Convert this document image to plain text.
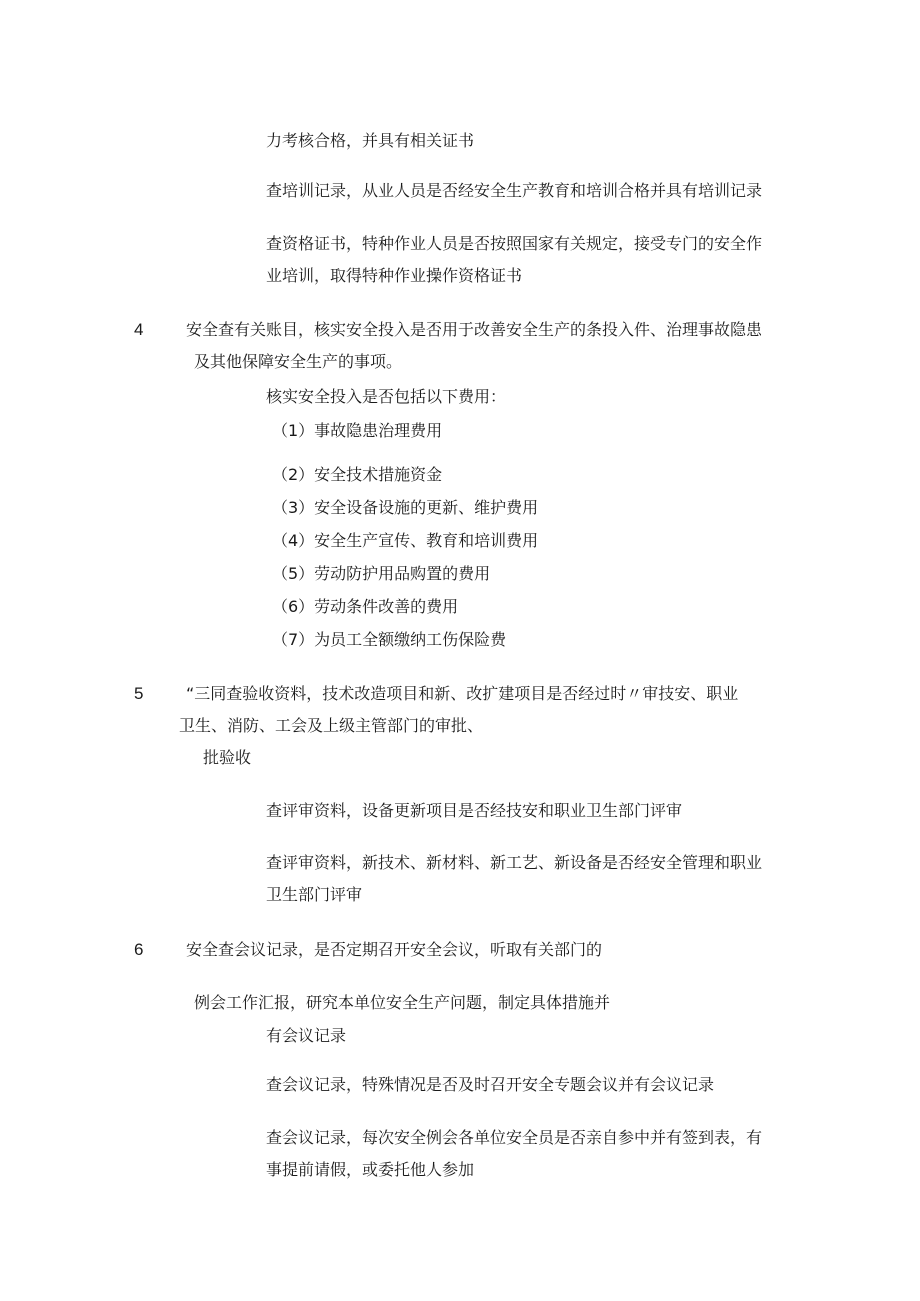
力考核合格，并具有相关证书
查培训记录，从业人员是否经安全生产教育和培训合格并具有培训记录
查资格证书，特种作业人员是否按照国家有关规定，接受专门的安全作
业培训，取得特种作业操作资格证书
4	安全查有关账目，核实安全投入是否用于改善安全生产的条投入件、治理事故隐患
及其他保障安全生产的事项。
核实安全投入是否包括以下费用：
（1）事故隐患治理费用
（2）安全技术措施资金
（3）安全设备设施的更新、维护费用
（4）安全生产宣传、教育和培训费用
（5）劳动防护用品购置的费用
（6）劳动条件改善的费用
（7）为员工全额缴纳工伤保险费
5	“三同查验收资料，技术改造项目和新、改扩建项目是否经过时〃审技安、职业
卫生、消防、工会及上级主管部门的审批、
批验收
查评审资料，设备更新项目是否经技安和职业卫生部门评审
查评审资料，新技术、新材料、新工艺、新设备是否经安全管理和职业
卫生部门评审
6	安全查会议记录，是否定期召开安全会议，听取有关部门的
例会工作汇报，研究本单位安全生产问题，制定具体措施并
有会议记录
查会议记录，特殊情况是否及时召开安全专题会议并有会议记录
查会议记录，每次安全例会各单位安全员是否亲自参中并有签到表，有
事提前请假，或委托他人参加
